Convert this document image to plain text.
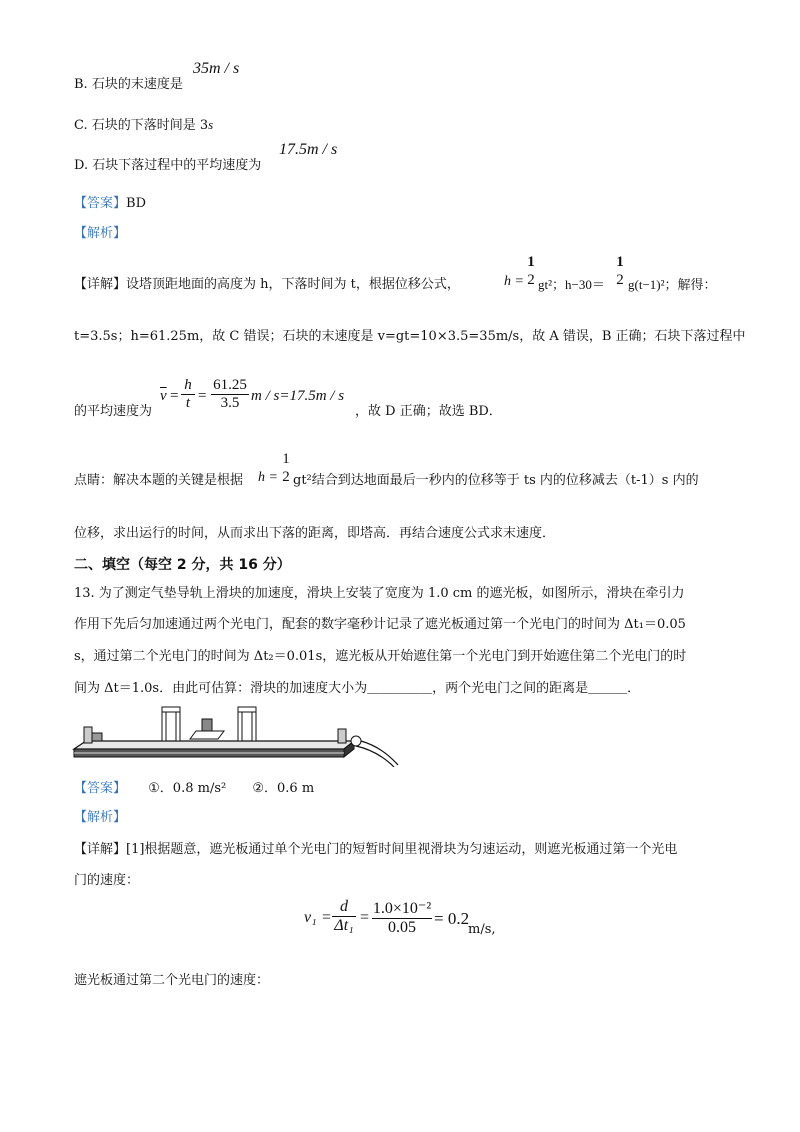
B. 石块的末速度是
35m / s
C. 石块的下落时间是 3s
D. 石块下落过程中的平均速度为
17.5m / s
【答案】BD
【解析】
【详解】设塔顶距地面的高度为 h，下落时间为 t，根据位移公式，	h =
1
2 gt²；h−30＝
1
2 g(t−1)²；解得：
t=3.5s；h=61.25m，故 C 错误；石块的末速度是 v=gt=10×3.5=35m/s，故 A 错误，B 正确；石块下落过程中
的平均速度为
$\overline{v}$ =
h
t =
61.25
3.5 m / s=17.5m / s
，故 D 正确；故选 BD．
点睛：解决本题的关键是根据 h =
1
2 gt²结合到达地面最后一秒内的位移等于 ts 内的位移减去（t-1）s 内的
位移，求出运行的时间，从而求出下落的距离，即塔高．再结合速度公式求末速度．
二、填空（每空 2 分，共 16 分）
13. 为了测定气垫导轨上滑块的加速度，滑块上安装了宽度为 1.0 cm 的遮光板，如图所示，滑块在牵引力
作用下先后匀加速通过两个光电门，配套的数字毫秒计记录了遮光板通过第一个光电门的时间为 Δt₁＝0.05
s，通过第二个光电门的时间为 Δt₂＝0.01s，遮光板从开始遮住第一个光电门到开始遮住第二个光电门的时
间为 Δt＝1.0s．由此可估算：滑块的加速度大小为＿＿＿＿＿，两个光电门之间的距离是＿＿＿．
【答案】 ①．0.8 m/s² ②．0.6 m
【解析】
【详解】[1]根据题意，遮光板通过单个光电门的短暂时间里视滑块为匀速运动，则遮光板通过第一个光电
门的速度：
v₁ =
d
Δt₁ =
1.0×10⁻²
0.05	= 0.2
m/s,
遮光板通过第二个光电门的速度：
